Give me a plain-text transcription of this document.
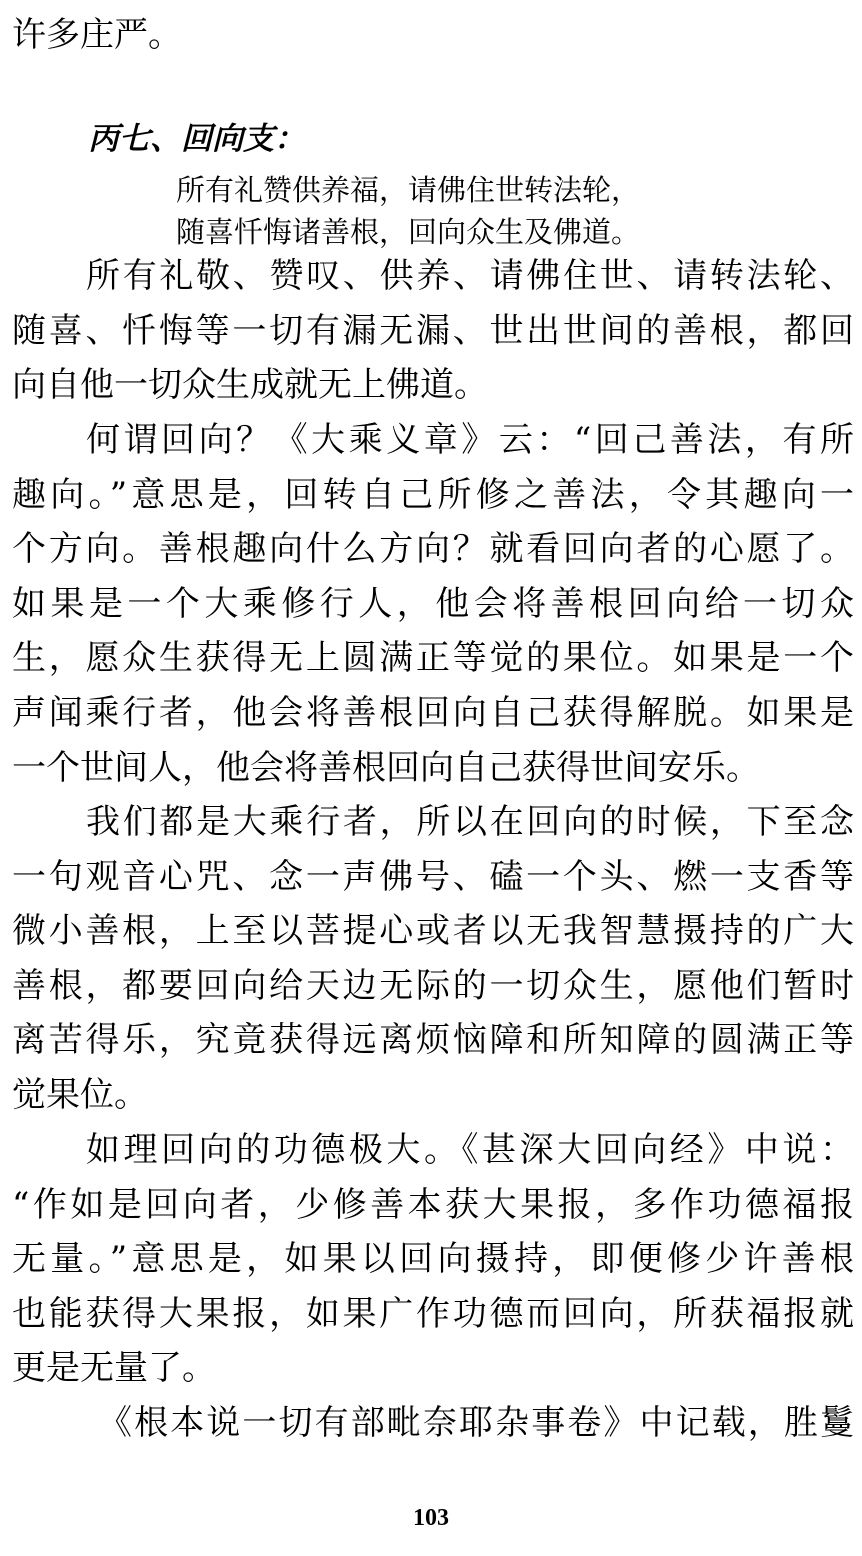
许多庄严。
丙七、回向支：
所有礼赞供养福，请佛住世转法轮，
随喜忏悔诸善根，回向众生及佛道。
所有礼敬、赞叹、供养、请佛住世、请转法轮、
随喜、忏悔等一切有漏无漏、世出世间的善根，都回
向自他一切众生成就无上佛道。
何谓回向？《大乘义章》云：“回己善法，有所
趣向。”意思是，回转自己所修之善法，令其趣向一
个方向。善根趣向什么方向？就看回向者的心愿了。
如果是一个大乘修行人，他会将善根回向给一切众
生，愿众生获得无上圆满正等觉的果位。如果是一个
声闻乘行者，他会将善根回向自己获得解脱。如果是
一个世间人，他会将善根回向自己获得世间安乐。
我们都是大乘行者，所以在回向的时候，下至念
一句观音心咒、念一声佛号、磕一个头、燃一支香等
微小善根，上至以菩提心或者以无我智慧摄持的广大
善根，都要回向给天边无际的一切众生，愿他们暂时
离苦得乐，究竟获得远离烦恼障和所知障的圆满正等
觉果位。
如理回向的功德极大。《甚深大回向经》中说：
“作如是回向者，少修善本获大果报，多作功德福报
无量。”意思是，如果以回向摄持，即便修少许善根
也能获得大果报，如果广作功德而回向，所获福报就
更是无量了。
《根本说一切有部毗奈耶杂事卷》中记载，胜鬘
103
